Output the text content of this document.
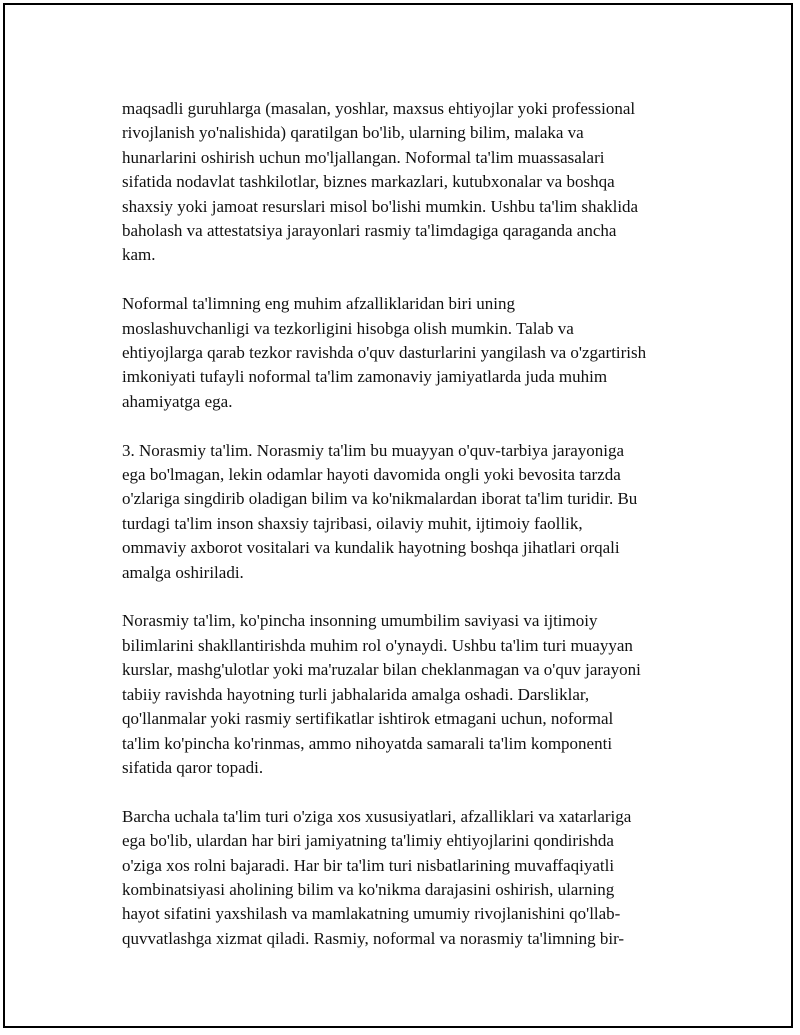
maqsadli guruhlarga (masalan, yoshlar, maxsus ehtiyojlar yoki professional
rivojlanish yo'nalishida) qaratilgan bo'lib, ularning bilim, malaka va
hunarlarini oshirish uchun mo'ljallangan. Noformal ta'lim muassasalari
sifatida nodavlat tashkilotlar, biznes markazlari, kutubxonalar va boshqa
shaxsiy yoki jamoat resurslari misol bo'lishi mumkin. Ushbu ta'lim shaklida
baholash va attestatsiya jarayonlari rasmiy ta'limdagiga qaraganda ancha
kam.

Noformal ta'limning eng muhim afzalliklaridan biri uning
moslashuvchanligi va tezkorligini hisobga olish mumkin. Talab va
ehtiyojlarga qarab tezkor ravishda o'quv dasturlarini yangilash va o'zgartirish
imkoniyati tufayli noformal ta'lim zamonaviy jamiyatlarda juda muhim
ahamiyatga ega.

3. Norasmiy ta'lim. Norasmiy ta'lim bu muayyan o'quv-tarbiya jarayoniga
ega bo'lmagan, lekin odamlar hayoti davomida ongli yoki bevosita tarzda
o'zlariga singdirib oladigan bilim va ko'nikmalardan iborat ta'lim turidir. Bu
turdagi ta'lim inson shaxsiy tajribasi, oilaviy muhit, ijtimoiy faollik,
ommaviy axborot vositalari va kundalik hayotning boshqa jihatlari orqali
amalga oshiriladi.

Norasmiy ta'lim, ko'pincha insonning umumbilim saviyasi va ijtimoiy
bilimlarini shakllantirishda muhim rol o'ynaydi. Ushbu ta'lim turi muayyan
kurslar, mashg'ulotlar yoki ma'ruzalar bilan cheklanmagan va o'quv jarayoni
tabiiy ravishda hayotning turli jabhalarida amalga oshadi. Darsliklar,
qo'llanmalar yoki rasmiy sertifikatlar ishtirok etmagani uchun, noformal
ta'lim ko'pincha ko'rinmas, ammo nihoyatda samarali ta'lim komponenti
sifatida qaror topadi.

Barcha uchala ta'lim turi o'ziga xos xususiyatlari, afzalliklari va xatarlariga
ega bo'lib, ulardan har biri jamiyatning ta'limiy ehtiyojlarini qondirishda
o'ziga xos rolni bajaradi. Har bir ta'lim turi nisbatlarining muvaffaqiyatli
kombinatsiyasi aholining bilim va ko'nikma darajasini oshirish, ularning
hayot sifatini yaxshilash va mamlakatning umumiy rivojlanishini qo'llab-
quvvatlashga xizmat qiladi. Rasmiy, noformal va norasmiy ta'limning bir-
